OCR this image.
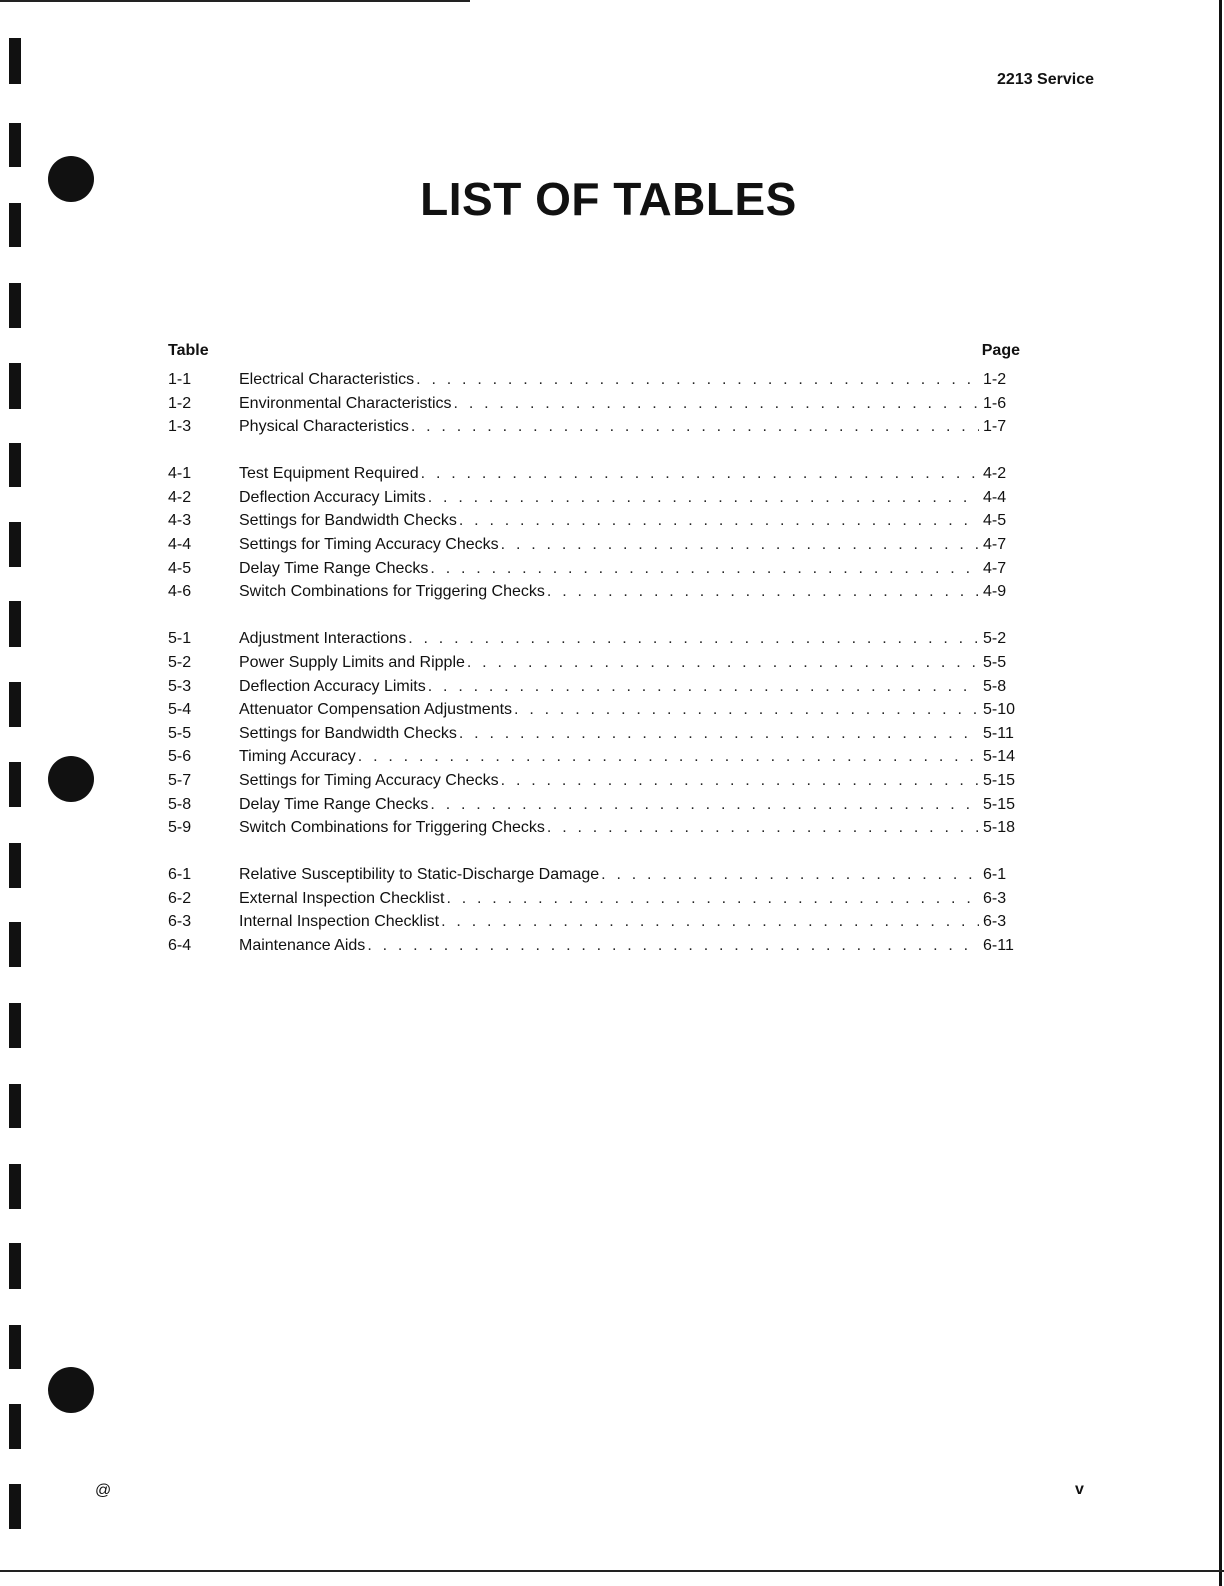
2213 Service
LIST OF TABLES
Table	Page
1-1	Electrical Characteristics . . .	1-2
1-2	Environmental Characteristics . . .	1-6
1-3	Physical Characteristics . . .	1-7
4-1	Test Equipment Required . . .	4-2
4-2	Deflection Accuracy Limits . . .	4-4
4-3	Settings for Bandwidth Checks . . .	4-5
4-4	Settings for Timing Accuracy Checks . . .	4-7
4-5	Delay Time Range Checks . . .	4-7
4-6	Switch Combinations for Triggering Checks . . .	4-9
5-1	Adjustment Interactions . . .	5-2
5-2	Power Supply Limits and Ripple . . .	5-5
5-3	Deflection Accuracy Limits . . .	5-8
5-4	Attenuator Compensation Adjustments . . .	5-10
5-5	Settings for Bandwidth Checks . . .	5-11
5-6	Timing Accuracy . . .	5-14
5-7	Settings for Timing Accuracy Checks . . .	5-15
5-8	Delay Time Range Checks . . .	5-15
5-9	Switch Combinations for Triggering Checks . . .	5-18
6-1	Relative Susceptibility to Static-Discharge Damage . . .	6-1
6-2	External Inspection Checklist . . .	6-3
6-3	Internal Inspection Checklist . . .	6-3
6-4	Maintenance Aids . . .	6-11
@	v
